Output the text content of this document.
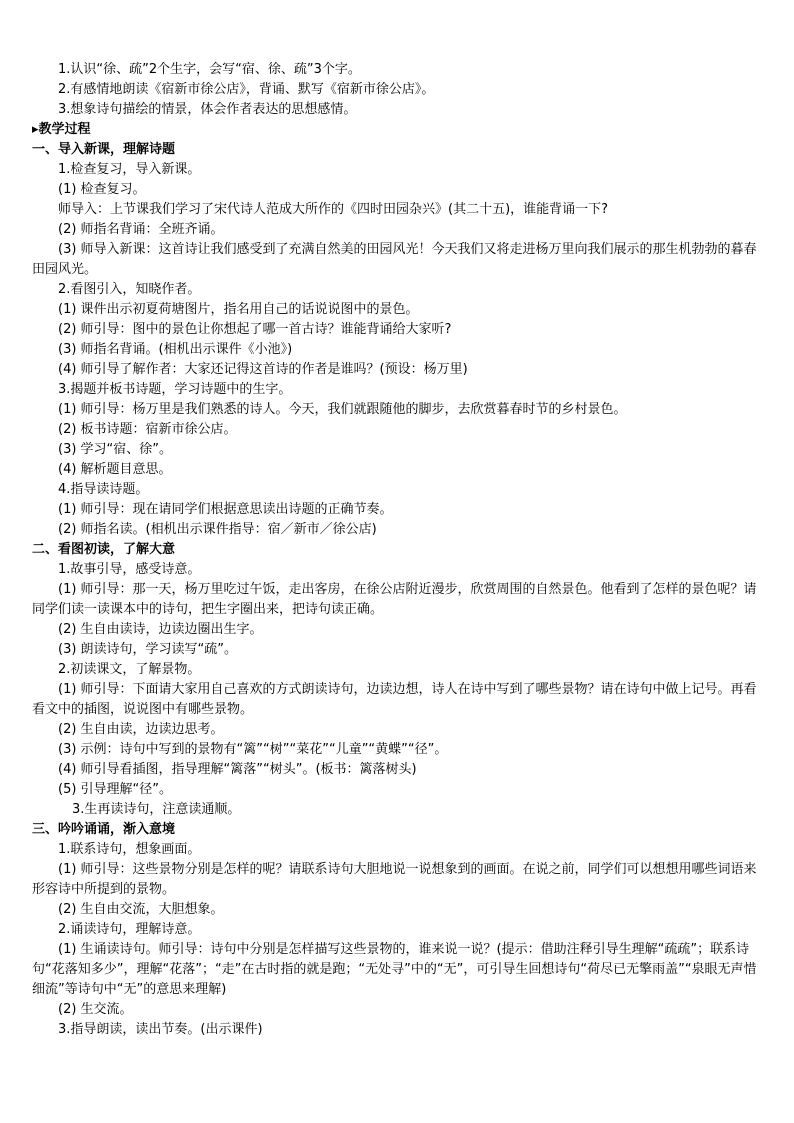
1.认识“徐、疏”2个生字，会写“宿、徐、疏”3个字。
2.有感情地朗读《宿新市徐公店》，背诵、默写《宿新市徐公店》。
3.想象诗句描绘的情景，体会作者表达的思想感情。
▸教学过程
一、导入新课，理解诗题
1.检查复习，导入新课。
(1) 检查复习。
师导入：上节课我们学习了宋代诗人范成大所作的《四时田园杂兴》(其二十五)，谁能背诵一下?
(2) 师指名背诵：全班齐诵。
(3) 师导入新课：这首诗让我们感受到了充满自然美的田园风光！今天我们又将走进杨万里向我们展示的那生机勃勃的暮春田园风光。
2.看图引入，知晓作者。
(1) 课件出示初夏荷塘图片，指名用自己的话说说图中的景色。
(2) 师引导：图中的景色让你想起了哪一首古诗？谁能背诵给大家听?
(3) 师指名背诵。(相机出示课件《小池》)
(4) 师引导了解作者：大家还记得这首诗的作者是谁吗？(预设：杨万里)
3.揭题并板书诗题，学习诗题中的生字。
(1) 师引导：杨万里是我们熟悉的诗人。今天，我们就跟随他的脚步，去欣赏暮春时节的乡村景色。
(2) 板书诗题：宿新市徐公店。
(3) 学习“宿、徐”。
(4) 解析题目意思。
4.指导读诗题。
(1) 师引导：现在请同学们根据意思读出诗题的正确节奏。
(2) 师指名读。(相机出示课件指导：宿／新市／徐公店)
二、看图初读，了解大意
1.故事引导，感受诗意。
(1) 师引导：那一天，杨万里吃过午饭，走出客房，在徐公店附近漫步，欣赏周围的自然景色。他看到了怎样的景色呢？请同学们读一读课本中的诗句，把生字圈出来，把诗句读正确。
(2) 生自由读诗，边读边圈出生字。
(3) 朗读诗句，学习读写“疏”。
2.初读课文，了解景物。
(1) 师引导：下面请大家用自己喜欢的方式朗读诗句，边读边想，诗人在诗中写到了哪些景物？请在诗句中做上记号。再看看文中的插图，说说图中有哪些景物。
(2) 生自由读，边读边思考。
(3) 示例：诗句中写到的景物有“篱”“树”“菜花”“儿童”“黄蝶”“径”。
(4) 师引导看插图，指导理解“篱落”“树头”。(板书：篱落树头)
(5) 引导理解“径”。
3.生再读诗句，注意读通顺。
三、吟吟诵诵，渐入意境
1.联系诗句，想象画面。
(1) 师引导：这些景物分别是怎样的呢？请联系诗句大胆地说一说想象到的画面。在说之前，同学们可以想想用哪些词语来形容诗中所提到的景物。
(2) 生自由交流，大胆想象。
2.诵读诗句，理解诗意。
(1) 生诵读诗句。师引导：诗句中分别是怎样描写这些景物的，谁来说一说？(提示：借助注释引导生理解“疏疏”；联系诗句“花落知多少”，理解“花落”；“走”在古时指的就是跑；“无处寻”中的“无”，可引导生回想诗句“荷尽已无擎雨盖”“泉眼无声惜细流”等诗句中“无”的意思来理解)
(2) 生交流。
3.指导朗读，读出节奏。(出示课件)
